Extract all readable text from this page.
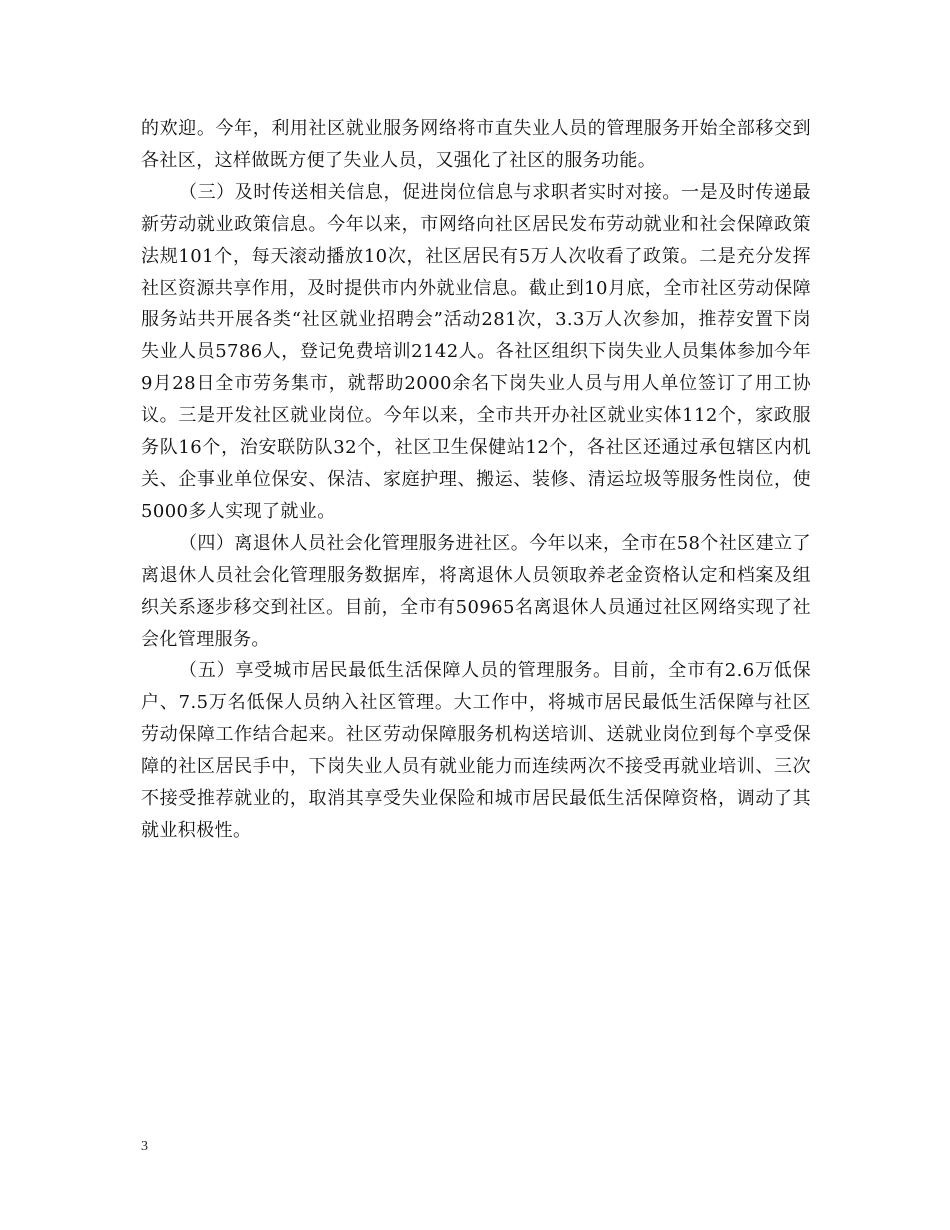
的欢迎。今年，利用社区就业服务网络将市直失业人员的管理服务开始全部移交到各社区，这样做既方便了失业人员，又强化了社区的服务功能。

（三）及时传送相关信息，促进岗位信息与求职者实时对接。一是及时传递最新劳动就业政策信息。今年以来，市网络向社区居民发布劳动就业和社会保障政策法规101个，每天滚动播放10次，社区居民有5万人次收看了政策。二是充分发挥社区资源共享作用，及时提供市内外就业信息。截止到10月底，全市社区劳动保障服务站共开展各类“社区就业招聘会”活动281次，3.3万人次参加，推荐安置下岗失业人员5786人，登记免费培训2142人。各社区组织下岗失业人员集体参加今年9月28日全市劳务集市，就帮助2000余名下岗失业人员与用人单位签订了用工协议。三是开发社区就业岗位。今年以来，全市共开办社区就业实体112个，家政服务队16个，治安联防队32个，社区卫生保健站12个，各社区还通过承包辖区内机关、企事业单位保安、保洁、家庭护理、搬运、装修、清运垃圾等服务性岗位，使5000多人实现了就业。

（四）离退休人员社会化管理服务进社区。今年以来，全市在58个社区建立了离退休人员社会化管理服务数据库，将离退休人员领取养老金资格认定和档案及组织关系逐步移交到社区。目前，全市有50965名离退休人员通过社区网络实现了社会化管理服务。

（五）享受城市居民最低生活保障人员的管理服务。目前，全市有2.6万低保户、7.5万名低保人员纳入社区管理。大工作中，将城市居民最低生活保障与社区劳动保障工作结合起来。社区劳动保障服务机构送培训、送就业岗位到每个享受保障的社区居民手中，下岗失业人员有就业能力而连续两次不接受再就业培训、三次不接受推荐就业的，取消其享受失业保险和城市居民最低生活保障资格，调动了其就业积极性。

3
